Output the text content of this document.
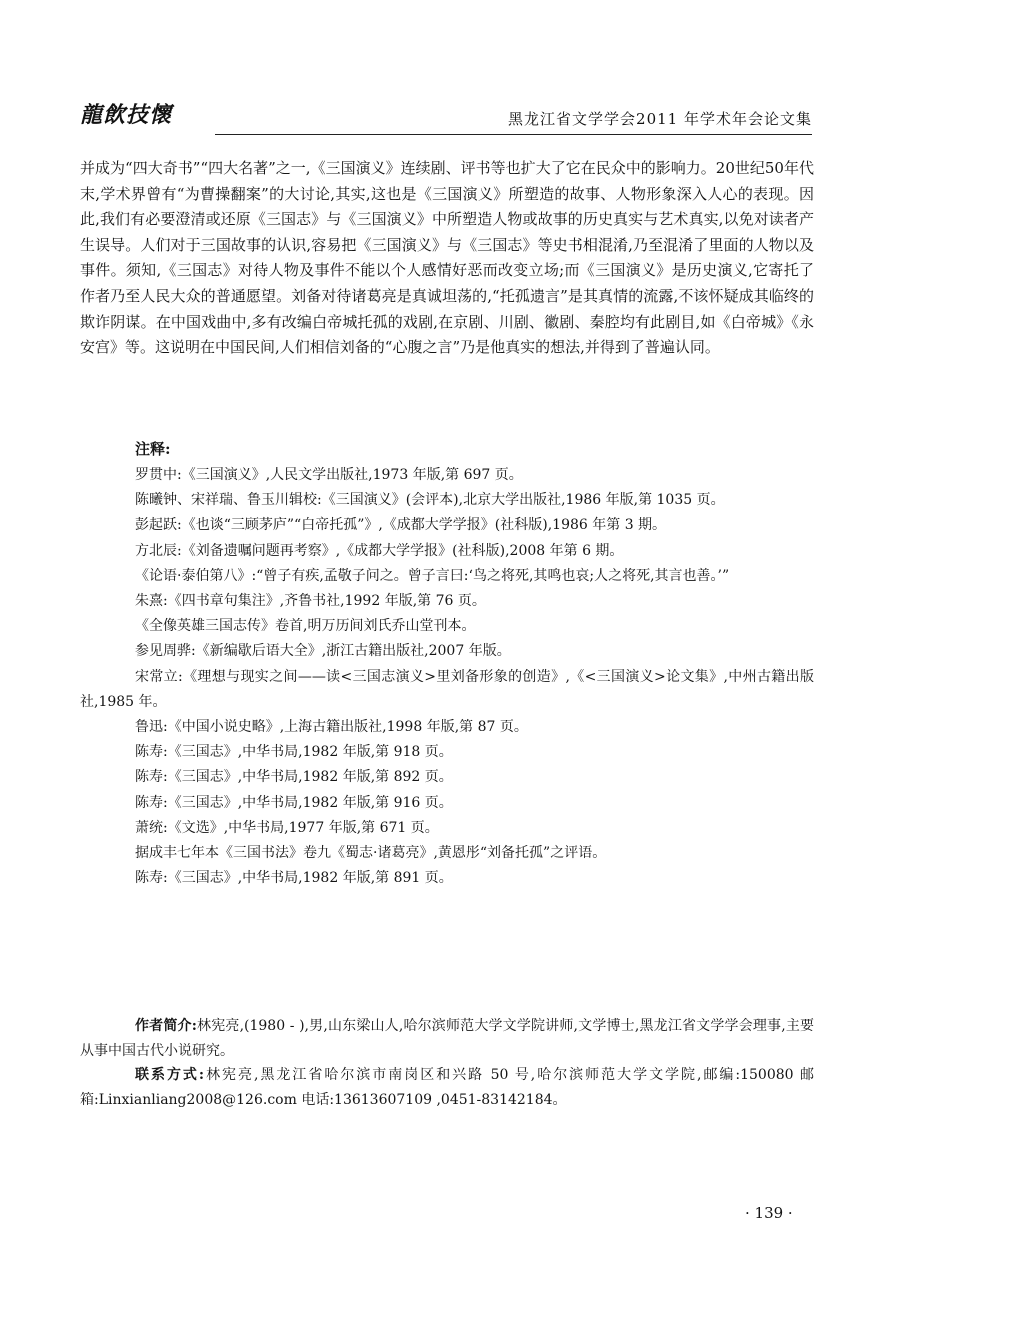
龍飲技懷	黑龙江省文学学会2011 年学术年会论文集

并成为“四大奇书”“四大名著”之一,《三国演义》连续剧、评书等也扩大了它在民众中的影响力。20世纪50年代末,学术界曾有“为曹操翻案”的大讨论,其实,这也是《三国演义》所塑造的故事、人物形象深入人心的表现。因此,我们有必要澄清或还原《三国志》与《三国演义》中所塑造人物或故事的历史真实与艺术真实,以免对读者产生误导。人们对于三国故事的认识,容易把《三国演义》与《三国志》等史书相混淆,乃至混淆了里面的人物以及事件。须知,《三国志》对待人物及事件不能以个人感情好恶而改变立场;而《三国演义》是历史演义,它寄托了作者乃至人民大众的普通愿望。刘备对待诸葛亮是真诚坦荡的,“托孤遗言”是其真情的流露,不该怀疑成其临终的欺诈阴谋。在中国戏曲中,多有改编白帝城托孤的戏剧,在京剧、川剧、徽剧、秦腔均有此剧目,如《白帝城》《永安宫》等。这说明在中国民间,人们相信刘备的“心腹之言”乃是他真实的想法,并得到了普遍认同。

注释:

罗贯中:《三国演义》,人民文学出版社,1973 年版,第 697 页。

陈曦钟、宋祥瑞、鲁玉川辑校:《三国演义》(会评本),北京大学出版社,1986 年版,第 1035 页。

彭起跃:《也谈“三顾茅庐”“白帝托孤”》,《成都大学学报》(社科版),1986 年第 3 期。

方北辰:《刘备遗嘱问题再考察》,《成都大学学报》(社科版),2008 年第 6 期。

《论语·泰伯第八》:“曾子有疾,孟敬子问之。曾子言曰:‘鸟之将死,其鸣也哀;人之将死,其言也善。’”

朱熹:《四书章句集注》,齐鲁书社,1992 年版,第 76 页。

《全像英雄三国志传》卷首,明万历间刘氏乔山堂刊本。

参见周骅:《新编歇后语大全》,浙江古籍出版社,2007 年版。

宋常立:《理想与现实之间——读<三国志演义>里刘备形象的创造》,《<三国演义>论文集》,中州古籍出版社,1985 年。

鲁迅:《中国小说史略》,上海古籍出版社,1998 年版,第 87 页。

陈寿:《三国志》,中华书局,1982 年版,第 918 页。

陈寿:《三国志》,中华书局,1982 年版,第 892 页。

陈寿:《三国志》,中华书局,1982 年版,第 916 页。

萧统:《文选》,中华书局,1977 年版,第 671 页。

据成丰七年本《三国书法》卷九《蜀志·诸葛亮》,黄恩彤“刘备托孤”之评语。

陈寿:《三国志》,中华书局,1982 年版,第 891 页。

作者简介:林宪亮,(1980 - ),男,山东梁山人,哈尔滨师范大学文学院讲师,文学博士,黑龙江省文学学会理事,主要从事中国古代小说研究。

联系方式:林宪亮,黑龙江省哈尔滨市南岗区和兴路 50 号,哈尔滨师范大学文学院,邮编:150080 邮箱:Linxianliang2008@126.com 电话:13613607109 ,0451-83142184。

· 139 ·
